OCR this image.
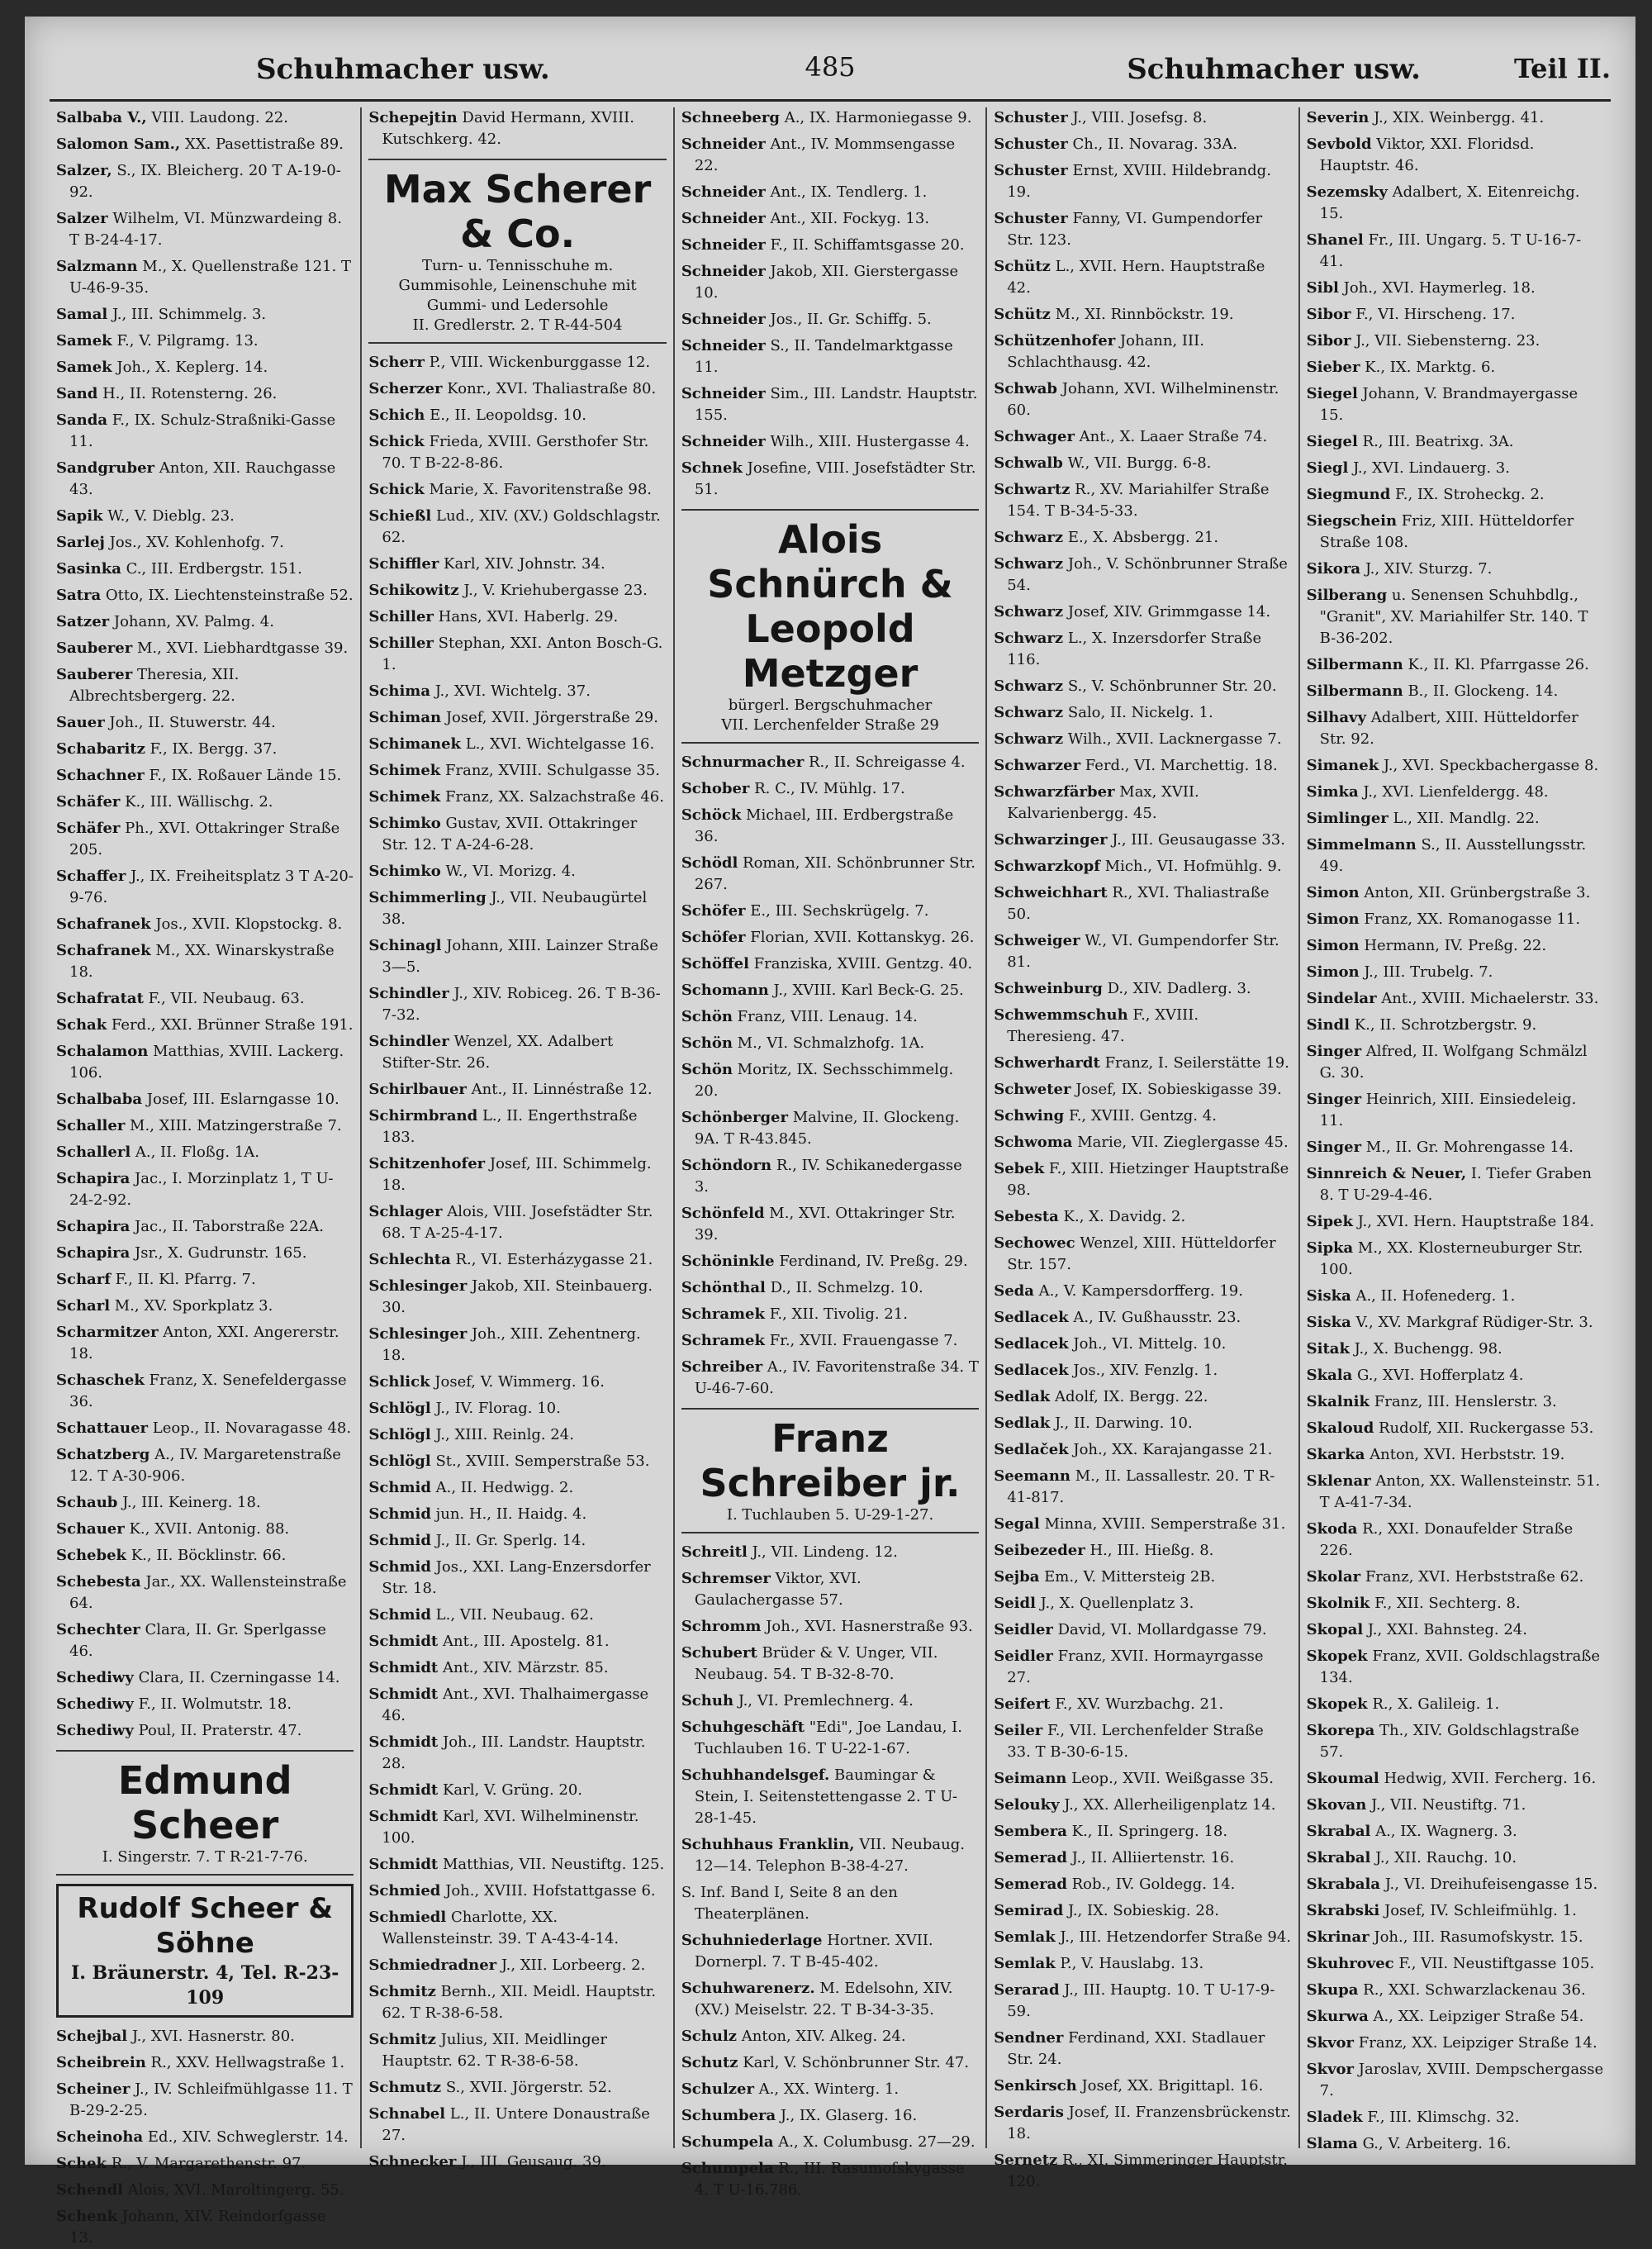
Schuhmacher usw.	485	Schuhmacher usw.	Teil II.
Salbaba V., VIII. Laudong. 22.
Salomon Sam., XX. Pasettistraße 89.
Salzer, S., IX. Bleicherg. 20 T A-19-0-92.
Salzer Wilhelm, VI. Münzwardeing 8. T B-24-4-17.
Salzmann M., X. Quellenstraße 121. T U-46-9-35.
Samal J., III. Schimmelg. 3.
Samek F., V. Pilgramg. 13.
Samek Joh., X. Keplerg. 14.
Sand H., II. Rotensterng. 26.
Sanda F., IX. Schulz-Straßniki-Gasse 11.
Sandgruber Anton, XII. Rauchgasse 43.
Sapik W., V. Dieblg. 23.
Sarlej Jos., XV. Kohlenhofg. 7.
Sasinka C., III. Erdbergstr. 151.
Satra Otto, IX. Liechtensteinstraße 52.
Satzer Johann, XV. Palmg. 4.
Sauberer M., XVI. Liebhardtgasse 39.
Sauberer Theresia, XII. Albrechtsbergerg. 22.
Sauer Joh., II. Stuwerstr. 44.
Schabaritz F., IX. Bergg. 37.
Schachner F., IX. Roßauer Lände 15.
Schäfer K., III. Wällischg. 2.
Schäfer Ph., XVI. Ottakringer Straße 205.
Schaffer J., IX. Freiheitsplatz 3 T A-20-9-76.
Schafranek Jos., XVII. Klopstockg. 8.
Schafranek M., XX. Winarskystraße 18.
Schafratat F., VII. Neubaug. 63.
Schak Ferd., XXI. Brünner Straße 191.
Schalamon Matthias, XVIII. Lackerg. 106.
Schalbaba Josef, III. Eslarngasse 10.
Schaller M., XIII. Matzingerstraße 7.
Schallerl A., II. Floßg. 1A.
Schapira Jac., I. Morzinplatz 1, T U-24-2-92.
Schapira Jac., II. Taborstraße 22A.
Schapira Jsr., X. Gudrunstr. 165.
Scharf F., II. Kl. Pfarrg. 7.
Scharl M., XV. Sporkplatz 3.
Scharmitzer Anton, XXI. Angererstr. 18.
Schaschek Franz, X. Senefeldergasse 36.
Schattauer Leop., II. Novaragasse 48.
Schatzberg A., IV. Margaretenstraße 12. T A-30-906.
Schaub J., III. Keinerg. 18.
Schauer K., XVII. Antonig. 88.
Schebek K., II. Böcklinstr. 66.
Schebesta Jar., XX. Wallensteinstraße 64.
Schechter Clara, II. Gr. Sperlgasse 46.
Schediwy Clara, II. Czerningasse 14.
Schediwy F., II. Wolmutstr. 18.
Schediwy Poul, II. Praterstr. 47.
Edmund Scheer
I. Singerstr. 7. T R-21-7-76.
Rudolf Scheer & Söhne
I. Bräunerstr. 4, Tel. R-23-109
Schejbal J., XVI. Hasnerstr. 80.
Scheibrein R., XXV. Hellwagstraße 1.
Scheiner J., IV. Schleifmühlgasse 11. T B-29-2-25.
Scheinoha Ed., XIV. Schweglerstr. 14.
Schek R., V. Margarethenstr. 97.
Schendl Alois, XVI. Maroltingerg. 55.
Schenk Johann, XIV. Reindorfgasse 13.
Schepejtin David Hermann, XVIII. Kutschkerg. 42.
Max Scherer & Co.
Turn- u. Tennisschuhe m. Gummisohle, Leinenschuhe mit Gummi- und Ledersohle
II. Gredlerstr. 2. T R-44-504
Scherr P., VIII. Wickenburggasse 12.
Scherzer Konr., XVI. Thaliastraße 80.
Schich E., II. Leopoldsg. 10.
Schick Frieda, XVIII. Gersthofer Str. 70. T B-22-8-86.
Schick Marie, X. Favoritenstraße 98.
Schießl Lud., XIV. (XV.) Goldschlagstr. 62.
Schiffler Karl, XIV. Johnstr. 34.
Schikowitz J., V. Kriehubergasse 23.
Schiller Hans, XVI. Haberlg. 29.
Schiller Stephan, XXI. Anton Bosch-G. 1.
Schima J., XVI. Wichtelg. 37.
Schiman Josef, XVII. Jörgerstraße 29.
Schimanek L., XVI. Wichtelgasse 16.
Schimek Franz, XVIII. Schulgasse 35.
Schimek Franz, XX. Salzachstraße 46.
Schimko Gustav, XVII. Ottakringer Str. 12. T A-24-6-28.
Schimko W., VI. Morizg. 4.
Schimmerling J., VII. Neubaugürtel 38.
Schinagl Johann, XIII. Lainzer Straße 3—5.
Schindler J., XIV. Robiceg. 26. T B-36-7-32.
Schindler Wenzel, XX. Adalbert Stifter-Str. 26.
Schirlbauer Ant., II. Linnéstraße 12.
Schirmbrand L., II. Engerthstraße 183.
Schitzenhofer Josef, III. Schimmelg. 18.
Schlager Alois, VIII. Josefstädter Str. 68. T A-25-4-17.
Schlechta R., VI. Esterházygasse 21.
Schlesinger Jakob, XII. Steinbauerg. 30.
Schlesinger Joh., XIII. Zehentnerg. 18.
Schlick Josef, V. Wimmerg. 16.
Schlögl J., IV. Florag. 10.
Schlögl J., XIII. Reinlg. 24.
Schlögl St., XVIII. Semperstraße 53.
Schmid A., II. Hedwigg. 2.
Schmid jun. H., II. Haidg. 4.
Schmid J., II. Gr. Sperlg. 14.
Schmid Jos., XXI. Lang-Enzersdorfer Str. 18.
Schmid L., VII. Neubaug. 62.
Schmidt Ant., III. Apostelg. 81.
Schmidt Ant., XIV. Märzstr. 85.
Schmidt Ant., XVI. Thalhaimergasse 46.
Schmidt Joh., III. Landstr. Hauptstr. 28.
Schmidt Karl, V. Grüng. 20.
Schmidt Karl, XVI. Wilhelminenstr. 100.
Schmidt Matthias, VII. Neustiftg. 125.
Schmied Joh., XVIII. Hofstattgasse 6.
Schmiedl Charlotte, XX. Wallensteinstr. 39. T A-43-4-14.
Schmiedradner J., XII. Lorbeerg. 2.
Schmitz Bernh., XII. Meidl. Hauptstr. 62. T R-38-6-58.
Schmitz Julius, XII. Meidlinger Hauptstr. 62. T R-38-6-58.
Schmutz S., XVII. Jörgerstr. 52.
Schnabel L., II. Untere Donaustraße 27.
Schnecker J., III. Geusaug. 39.
Schneeberg A., IX. Harmoniegasse 9.
Schneider Ant., IV. Mommsengasse 22.
Schneider Ant., IX. Tendlerg. 1.
Schneider Ant., XII. Fockyg. 13.
Schneider F., II. Schiffamtsgasse 20.
Schneider Jakob, XII. Gierstergasse 10.
Schneider Jos., II. Gr. Schiffg. 5.
Schneider S., II. Tandelmarktgasse 11.
Schneider Sim., III. Landstr. Hauptstr. 155.
Schneider Wilh., XIII. Hustergasse 4.
Schnek Josefine, VIII. Josefstädter Str. 51.
Alois Schnürch & Leopold Metzger
bürgerl. Bergschuhmacher
VII. Lerchenfelder Straße 29
Schnurmacher R., II. Schreigasse 4.
Schober R. C., IV. Mühlg. 17.
Schöck Michael, III. Erdbergstraße 36.
Schödl Roman, XII. Schönbrunner Str. 267.
Schöfer E., III. Sechskrügelg. 7.
Schöfer Florian, XVII. Kottanskyg. 26.
Schöffel Franziska, XVIII. Gentzg. 40.
Schomann J., XVIII. Karl Beck-G. 25.
Schön Franz, VIII. Lenaug. 14.
Schön M., VI. Schmalzhofg. 1A.
Schön Moritz, IX. Sechsschimmelg. 20.
Schönberger Malvine, II. Glockeng. 9A. T R-43.845.
Schöndorn R., IV. Schikanedergasse 3.
Schönfeld M., XVI. Ottakringer Str. 39.
Schöninkle Ferdinand, IV. Preßg. 29.
Schönthal D., II. Schmelzg. 10.
Schramek F., XII. Tivolig. 21.
Schramek Fr., XVII. Frauengasse 7.
Schreiber A., IV. Favoritenstraße 34. T U-46-7-60.
Franz Schreiber jr.
I. Tuchlauben 5. U-29-1-27.
Schreitl J., VII. Lindeng. 12.
Schremser Viktor, XVI. Gaulachergasse 57.
Schromm Joh., XVI. Hasnerstraße 93.
Schubert Brüder & V. Unger, VII. Neubaug. 54. T B-32-8-70.
Schuh J., VI. Premlechnerg. 4.
Schuhgeschäft "Edi", Joe Landau, I. Tuchlauben 16. T U-22-1-67.
Schuhhandelsgef. Baumingar & Stein, I. Seitenstettengasse 2. T U-28-1-45.
Schuhhaus Franklin, VII. Neubaug. 12—14. Telephon B-38-4-27.
S. Inf. Band I, Seite 8 an den Theaterplänen.
Schuhniederlage Hortner. XVII. Dornerpl. 7. T B-45-402.
Schuhwarenerz. M. Edelsohn, XIV. (XV.) Meiselstr. 22. T B-34-3-35.
Schulz Anton, XIV. Alkeg. 24.
Schutz Karl, V. Schönbrunner Str. 47.
Schulzer A., XX. Winterg. 1.
Schumbera J., IX. Glaserg. 16.
Schumpela A., X. Columbusg. 27—29.
Schumpela R., III. Rasumofskygasse 4. T U-16.786.
Schuster J., VIII. Josefsg. 8.
Schuster Ch., II. Novarag. 33A.
Schuster Ernst, XVIII. Hildebrandg. 19.
Schuster Fanny, VI. Gumpendorfer Str. 123.
Schütz L., XVII. Hern. Hauptstraße 42.
Schütz M., XI. Rinnböckstr. 19.
Schützenhofer Johann, III. Schlachthausg. 42.
Schwab Johann, XVI. Wilhelminenstr. 60.
Schwager Ant., X. Laaer Straße 74.
Schwalb W., VII. Burgg. 6-8.
Schwartz R., XV. Mariahilfer Straße 154. T B-34-5-33.
Schwarz E., X. Absbergg. 21.
Schwarz Joh., V. Schönbrunner Straße 54.
Schwarz Josef, XIV. Grimmgasse 14.
Schwarz L., X. Inzersdorfer Straße 116.
Schwarz S., V. Schönbrunner Str. 20.
Schwarz Salo, II. Nickelg. 1.
Schwarz Wilh., XVII. Lacknergasse 7.
Schwarzer Ferd., VI. Marchettig. 18.
Schwarzfärber Max, XVII. Kalvarienbergg. 45.
Schwarzinger J., III. Geusaugasse 33.
Schwarzkopf Mich., VI. Hofmühlg. 9.
Schweichhart R., XVI. Thaliastraße 50.
Schweiger W., VI. Gumpendorfer Str. 81.
Schweinburg D., XIV. Dadlerg. 3.
Schwemmschuh F., XVIII. Theresieng. 47.
Schwerhardt Franz, I. Seilerstätte 19.
Schweter Josef, IX. Sobieskigasse 39.
Schwing F., XVIII. Gentzg. 4.
Schwoma Marie, VII. Zieglergasse 45.
Sebek F., XIII. Hietzinger Hauptstraße 98.
Sebesta K., X. Davidg. 2.
Sechowec Wenzel, XIII. Hütteldorfer Str. 157.
Seda A., V. Kampersdorfferg. 19.
Sedlacek A., IV. Gußhausstr. 23.
Sedlacek Joh., VI. Mittelg. 10.
Sedlacek Jos., XIV. Fenzlg. 1.
Sedlak Adolf, IX. Bergg. 22.
Sedlak J., II. Darwing. 10.
Sedlaček Joh., XX. Karajangasse 21.
Seemann M., II. Lassallestr. 20. T R-41-817.
Segal Minna, XVIII. Semperstraße 31.
Seibezeder H., III. Hießg. 8.
Sejba Em., V. Mittersteig 2B.
Seidl J., X. Quellenplatz 3.
Seidler David, VI. Mollardgasse 79.
Seidler Franz, XVII. Hormayrgasse 27.
Seifert F., XV. Wurzbachg. 21.
Seiler F., VII. Lerchenfelder Straße 33. T B-30-6-15.
Seimann Leop., XVII. Weißgasse 35.
Selouky J., XX. Allerheiligenplatz 14.
Sembera K., II. Springerg. 18.
Semerad J., II. Alliiertenstr. 16.
Semerad Rob., IV. Goldegg. 14.
Semirad J., IX. Sobieskig. 28.
Semlak J., III. Hetzendorfer Straße 94.
Semlak P., V. Hauslabg. 13.
Serarad J., III. Hauptg. 10. T U-17-9-59.
Sendner Ferdinand, XXI. Stadlauer Str. 24.
Senkirsch Josef, XX. Brigittapl. 16.
Serdaris Josef, II. Franzensbrückenstr. 18.
Sernetz R., XI. Simmeringer Hauptstr. 120.
Severin J., XIX. Weinbergg. 41.
Sevbold Viktor, XXI. Floridsd. Hauptstr. 46.
Sezemsky Adalbert, X. Eitenreichg. 15.
Shanel Fr., III. Ungarg. 5. T U-16-7-41.
Sibl Joh., XVI. Haymerleg. 18.
Sibor F., VI. Hirscheng. 17.
Sibor J., VII. Siebensterng. 23.
Sieber K., IX. Marktg. 6.
Siegel Johann, V. Brandmayergasse 15.
Siegel R., III. Beatrixg. 3A.
Siegl J., XVI. Lindauerg. 3.
Siegmund F., IX. Stroheckg. 2.
Siegschein Friz, XIII. Hütteldorfer Straße 108.
Sikora J., XIV. Sturzg. 7.
Silberang u. Senensen Schuhbdlg., "Granit", XV. Mariahilfer Str. 140. T B-36-202.
Silbermann K., II. Kl. Pfarrgasse 26.
Silbermann B., II. Glockeng. 14.
Silhavy Adalbert, XIII. Hütteldorfer Str. 92.
Simanek J., XVI. Speckbachergasse 8.
Simka J., XVI. Lienfeldergg. 48.
Simlinger L., XII. Mandlg. 22.
Simmelmann S., II. Ausstellungsstr. 49.
Simon Anton, XII. Grünbergstraße 3.
Simon Franz, XX. Romanogasse 11.
Simon Hermann, IV. Preßg. 22.
Simon J., III. Trubelg. 7.
Sindelar Ant., XVIII. Michaelerstr. 33.
Sindl K., II. Schrotzbergstr. 9.
Singer Alfred, II. Wolfgang Schmälzl G. 30.
Singer Heinrich, XIII. Einsiedeleig. 11.
Singer M., II. Gr. Mohrengasse 14.
Sinnreich & Neuer, I. Tiefer Graben 8. T U-29-4-46.
Sipek J., XVI. Hern. Hauptstraße 184.
Sipka M., XX. Klosterneuburger Str. 100.
Siska A., II. Hofenederg. 1.
Siska V., XV. Markgraf Rüdiger-Str. 3.
Sitak J., X. Buchengg. 98.
Skala G., XVI. Hofferplatz 4.
Skalnik Franz, III. Henslerstr. 3.
Skaloud Rudolf, XII. Ruckergasse 53.
Skarka Anton, XVI. Herbststr. 19.
Sklenar Anton, XX. Wallensteinstr. 51. T A-41-7-34.
Skoda R., XXI. Donaufelder Straße 226.
Skolar Franz, XVI. Herbststraße 62.
Skolnik F., XII. Sechterg. 8.
Skopal J., XXI. Bahnsteg. 24.
Skopek Franz, XVII. Goldschlagstraße 134.
Skopek R., X. Galileig. 1.
Skorepa Th., XIV. Goldschlagstraße 57.
Skoumal Hedwig, XVII. Fercherg. 16.
Skovan J., VII. Neustiftg. 71.
Skrabal A., IX. Wagnerg. 3.
Skrabal J., XII. Rauchg. 10.
Skrabala J., VI. Dreihufeisengasse 15.
Skrabski Josef, IV. Schleifmühlg. 1.
Skrinar Joh., III. Rasumofskystr. 15.
Skuhrovec F., VII. Neustiftgasse 105.
Skupa R., XXI. Schwarzlackenau 36.
Skurwa A., XX. Leipziger Straße 54.
Skvor Franz, XX. Leipziger Straße 14.
Skvor Jaroslav, XVIII. Dempschergasse 7.
Sladek F., III. Klimschg. 32.
Slama G., V. Arbeiterg. 16.
